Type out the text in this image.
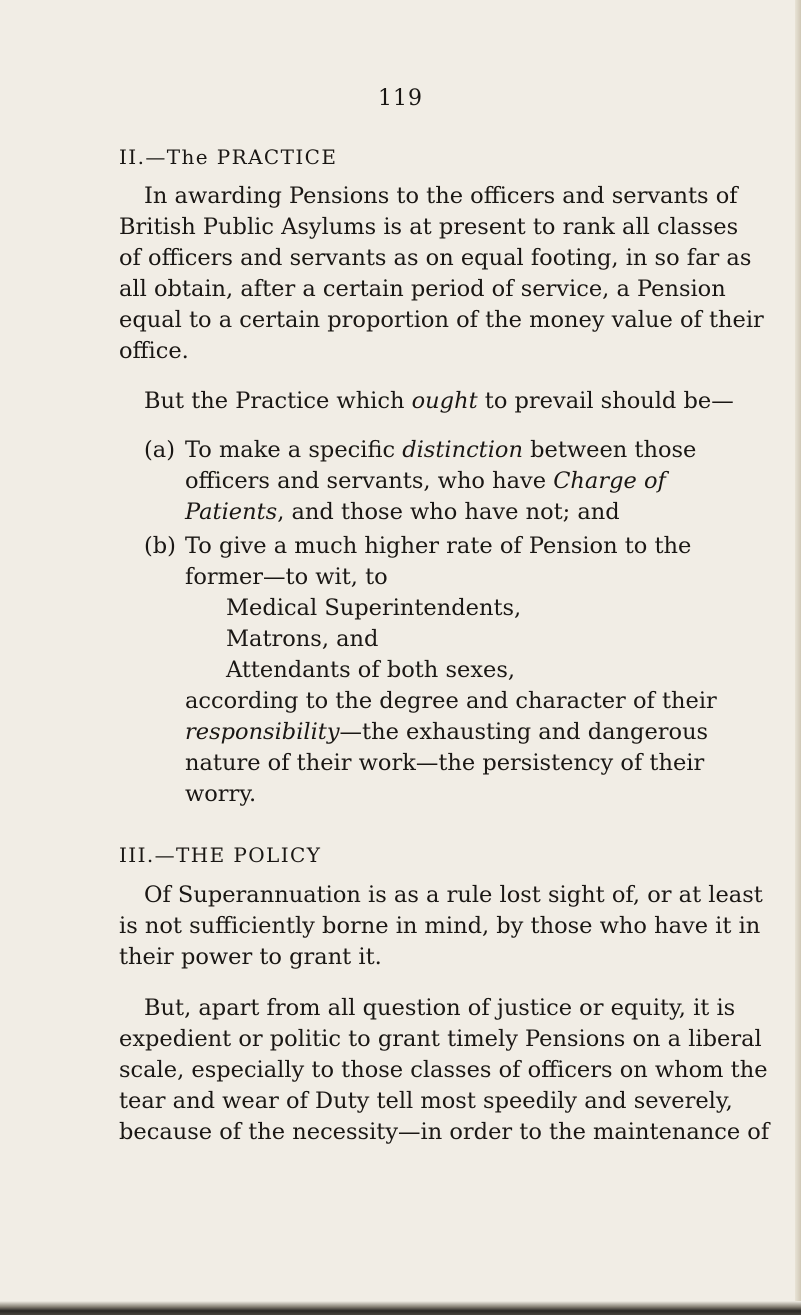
119
II.—The PRACTICE
In awarding Pensions to the officers and servants of
British Public Asylums is at present to rank all classes
of officers and servants as on equal footing, in so far as
all obtain, after a certain period of service, a Pension
equal to a certain proportion of the money value of their
office.
But the Practice which ought to prevail should be—
(a) To make a specific distinction between those
officers and servants, who have Charge of
Patients, and those who have not; and
(b) To give a much higher rate of Pension to the
former—to wit, to
Medical Superintendents,
Matrons, and
Attendants of both sexes,
according to the degree and character of their
responsibility—the exhausting and dangerous
nature of their work—the persistency of their
worry.
III.—THE POLICY
Of Superannuation is as a rule lost sight of, or at least
is not sufficiently borne in mind, by those who have it in
their power to grant it.
But, apart from all question of justice or equity, it is
expedient or politic to grant timely Pensions on a liberal
scale, especially to those classes of officers on whom the
tear and wear of Duty tell most speedily and severely,
because of the necessity—in order to the maintenance of
